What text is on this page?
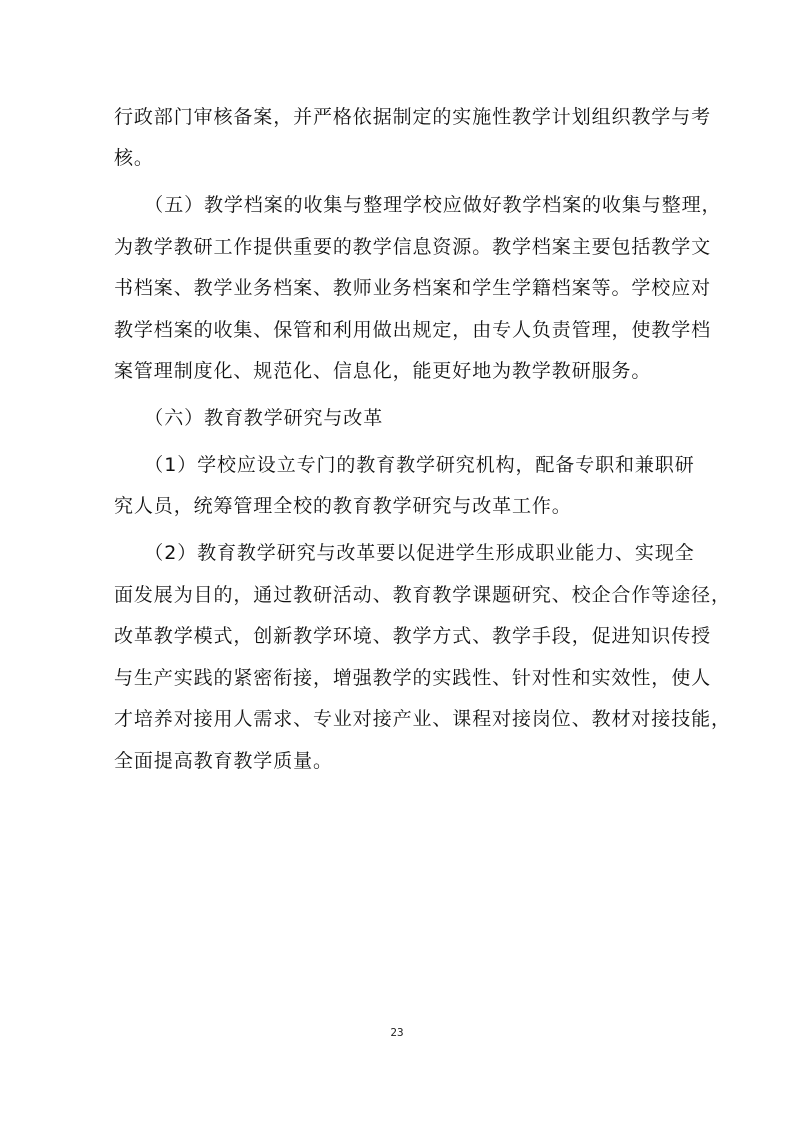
行政部门审核备案，并严格依据制定的实施性教学计划组织教学与考
核。
　　（五）教学档案的收集与整理学校应做好教学档案的收集与整理，
为教学教研工作提供重要的教学信息资源。教学档案主要包括教学文
书档案、教学业务档案、教师业务档案和学生学籍档案等。学校应对
教学档案的收集、保管和利用做出规定，由专人负责管理，使教学档
案管理制度化、规范化、信息化，能更好地为教学教研服务。
　　（六）教育教学研究与改革
　　（1）学校应设立专门的教育教学研究机构，配备专职和兼职研
究人员，统筹管理全校的教育教学研究与改革工作。
　　（2）教育教学研究与改革要以促进学生形成职业能力、实现全
面发展为目的，通过教研活动、教育教学课题研究、校企合作等途径，
改革教学模式，创新教学环境、教学方式、教学手段，促进知识传授
与生产实践的紧密衔接，增强教学的实践性、针对性和实效性，使人
才培养对接用人需求、专业对接产业、课程对接岗位、教材对接技能，
全面提高教育教学质量。
23
